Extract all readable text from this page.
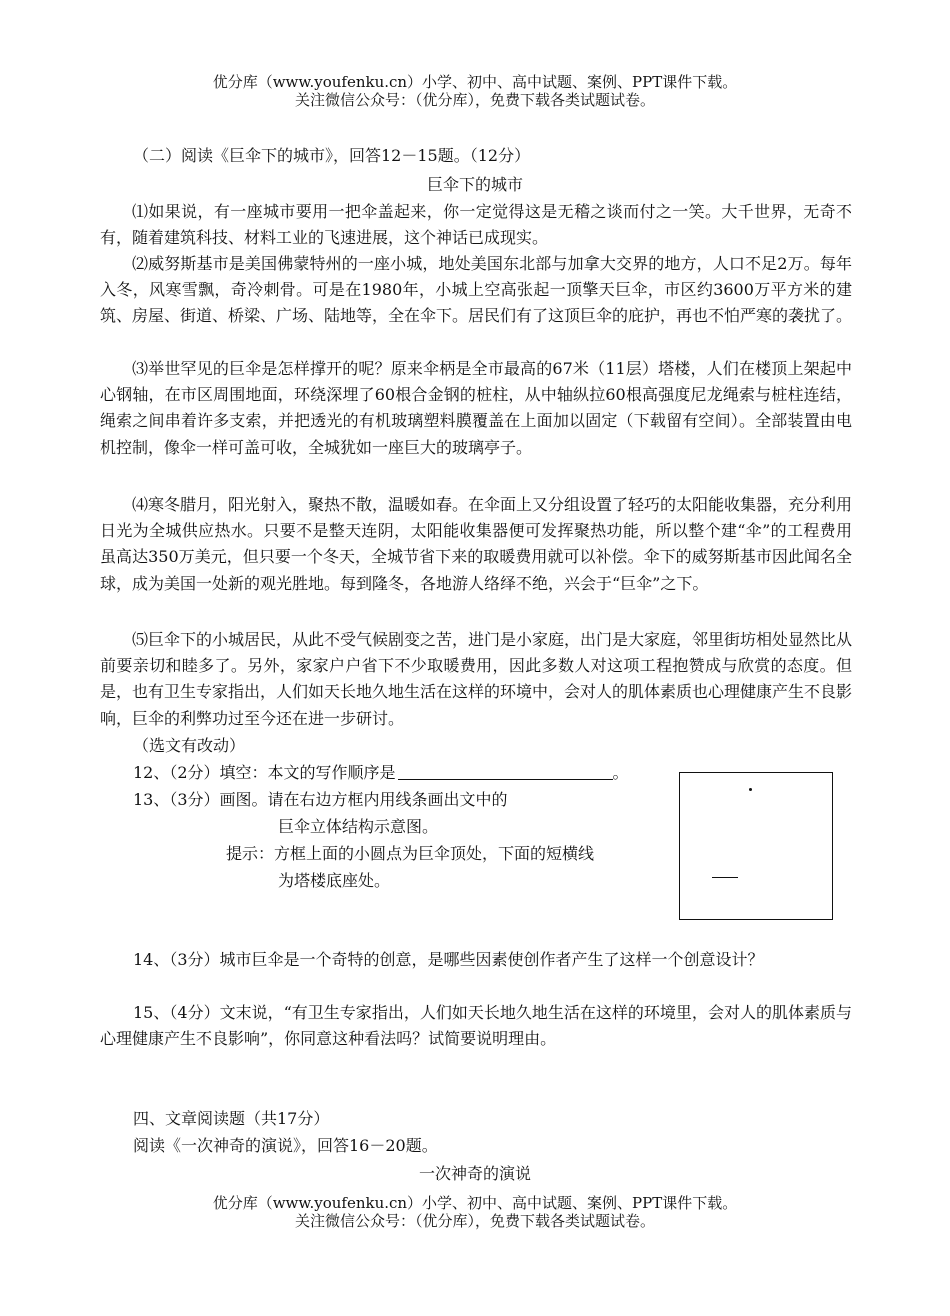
优分库（www.youfenku.cn）小学、初中、高中试题、案例、PPT课件下载。
关注微信公众号：（优分库），免费下载各类试题试卷。
（二）阅读《巨伞下的城市》，回答12－15题。（12分）
巨伞下的城市
⑴如果说，有一座城市要用一把伞盖起来，你一定觉得这是无稽之谈而付之一笑。大千世界，无奇不有，随着建筑科技、材料工业的飞速进展，这个神话已成现实。
⑵威努斯基市是美国佛蒙特州的一座小城，地处美国东北部与加拿大交界的地方，人口不足2万。每年入冬，风寒雪飘，奇冷刺骨。可是在1980年，小城上空高张起一顶擎天巨伞，市区约3600万平方米的建筑、房屋、街道、桥梁、广场、陆地等，全在伞下。居民们有了这顶巨伞的庇护，再也不怕严寒的袭扰了。
⑶举世罕见的巨伞是怎样撑开的呢？原来伞柄是全市最高的67米（11层）塔楼，人们在楼顶上架起中心钢轴，在市区周围地面，环绕深埋了60根合金钢的桩柱，从中轴纵拉60根高强度尼龙绳索与桩柱连结，绳索之间串着许多支索，并把透光的有机玻璃塑料膜覆盖在上面加以固定（下载留有空间）。全部装置由电机控制，像伞一样可盖可收，全城犹如一座巨大的玻璃亭子。
⑷寒冬腊月，阳光射入，聚热不散，温暖如春。在伞面上又分组设置了轻巧的太阳能收集器，充分利用日光为全城供应热水。只要不是整天连阴，太阳能收集器便可发挥聚热功能，所以整个建“伞”的工程费用虽高达350万美元，但只要一个冬天，全城节省下来的取暖费用就可以补偿。伞下的威努斯基市因此闻名全球，成为美国一处新的观光胜地。每到隆冬，各地游人络绎不绝，兴会于“巨伞”之下。
⑸巨伞下的小城居民，从此不受气候剧变之苦，进门是小家庭，出门是大家庭，邻里街坊相处显然比从前要亲切和睦多了。另外，家家户户省下不少取暖费用，因此多数人对这项工程抱赞成与欣赏的态度。但是，也有卫生专家指出，人们如天长地久地生活在这样的环境中，会对人的肌体素质也心理健康产生不良影响，巨伞的利弊功过至今还在进一步研讨。
（选文有改动）
12、（2分）填空：本文的写作顺序是	。
13、（3分）画图。请在右边方框内用线条画出文中的
巨伞立体结构示意图。
提示：方框上面的小圆点为巨伞顶处，下面的短横线
为塔楼底座处。
14、（3分）城市巨伞是一个奇特的创意，是哪些因素使创作者产生了这样一个创意设计？
15、（4分）文末说，“有卫生专家指出，人们如天长地久地生活在这样的环境里，会对人的肌体素质与心理健康产生不良影响”，你同意这种看法吗？试简要说明理由。
四、文章阅读题（共17分）
阅读《一次神奇的演说》，回答16－20题。
一次神奇的演说
优分库（www.youfenku.cn）小学、初中、高中试题、案例、PPT课件下载。
关注微信公众号：（优分库），免费下载各类试题试卷。
